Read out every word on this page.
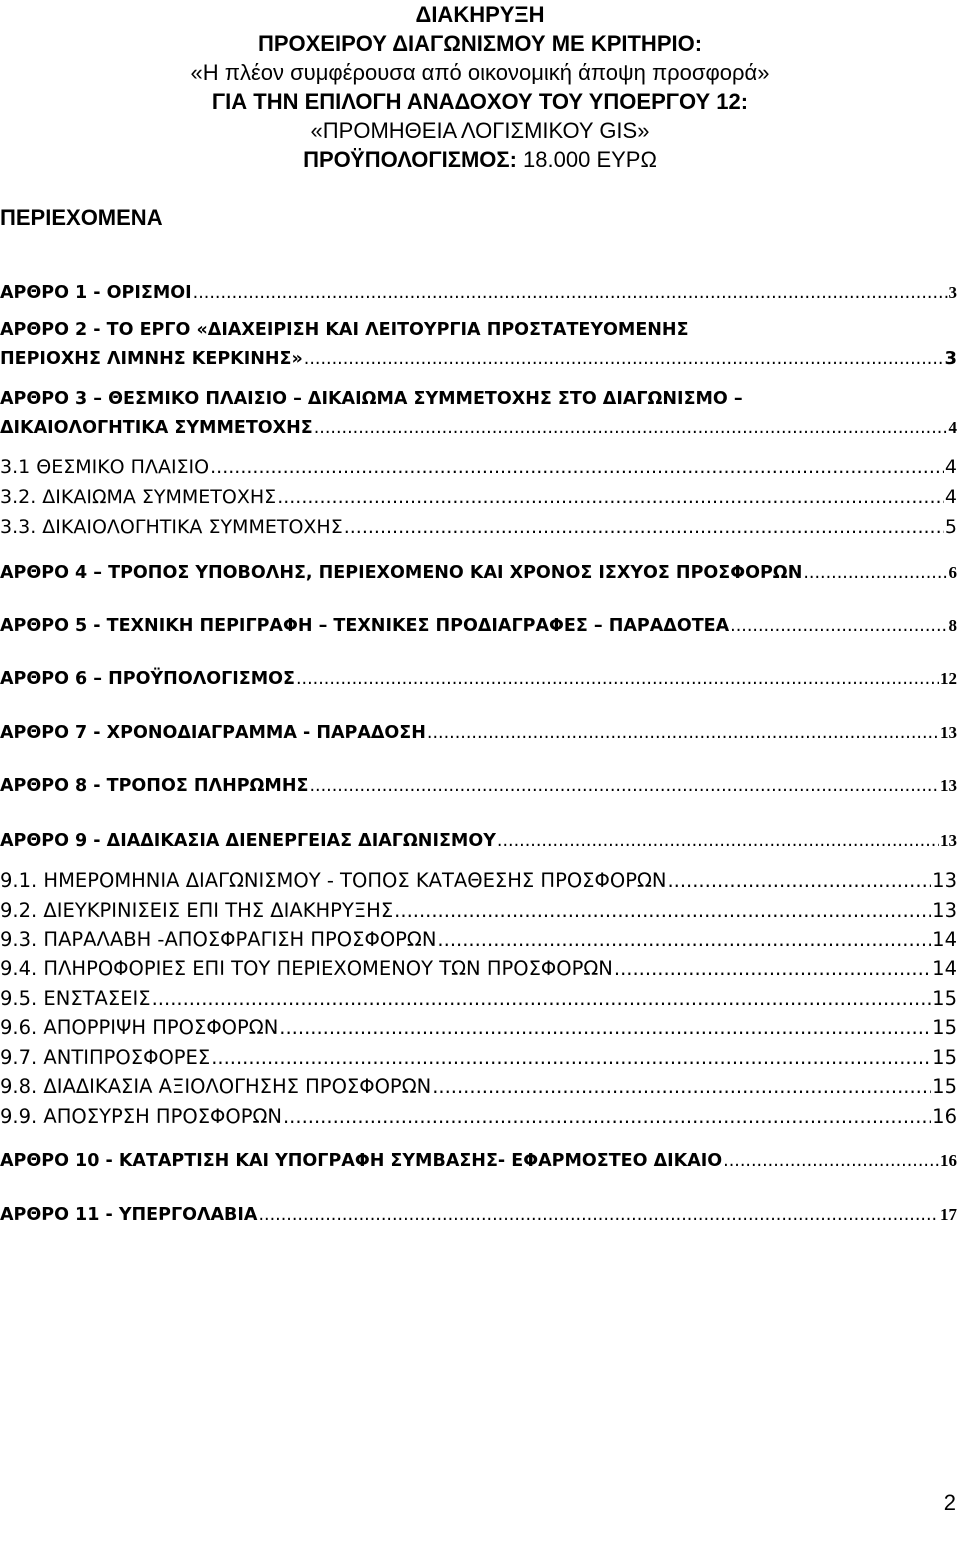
ΔΙΑΚΗΡΥΞΗ
ΠΡΟΧΕΙΡΟΥ ΔΙΑΓΩΝΙΣΜΟΥ ΜΕ ΚΡΙΤΗΡΙΟ:
«Η πλέον συμφέρουσα από οικονομική άποψη προσφορά»
ΓΙΑ ΤΗΝ ΕΠΙΛΟΓΗ ΑΝΑΔΟΧΟΥ ΤΟΥ ΥΠΟΕΡΓΟΥ 12:
«ΠΡΟΜΗΘΕΙΑ ΛΟΓΙΣΜΙΚΟΥ GIS»
ΠΡΟΫΠΟΛΟΓΙΣΜΟΣ: 18.000 ΕΥΡΩ
ΠΕΡΙΕΧΟΜΕΝΑ
ΑΡΘΡΟ 1 - ΟΡΙΣΜΟΙ .....	3
ΑΡΘΡΟ 2 - ΤΟ ΕΡΓΟ «ΔΙΑΧΕΙΡΙΣΗ ΚΑΙ ΛΕΙΤΟΥΡΓΙΑ ΠΡΟΣΤΑΤΕΥΟΜΕΝΗΣ
ΠΕΡΙΟΧΗΣ ΛΙΜΝΗΣ ΚΕΡΚΙΝΗΣ» .....	3
ΑΡΘΡΟ 3 – ΘΕΣΜΙΚΟ ΠΛΑΙΣΙΟ – ΔΙΚΑΙΩΜΑ ΣΥΜΜΕΤΟΧΗΣ ΣΤΟ ΔΙΑΓΩΝΙΣΜΟ –
ΔΙΚΑΙΟΛΟΓΗΤΙΚΑ ΣΥΜΜΕΤΟΧΗΣ .....	4
3.1 ΘΕΣΜΙΚΟ ΠΛΑΙΣΙΟ .....	4
3.2. ΔΙΚΑΙΩΜΑ ΣΥΜΜΕΤΟΧΗΣ .....	4
3.3. ΔΙΚΑΙΟΛΟΓΗΤΙΚΑ ΣΥΜΜΕΤΟΧΗΣ .....	5
ΑΡΘΡΟ 4 – ΤΡΟΠΟΣ ΥΠΟΒΟΛΗΣ, ΠΕΡΙΕΧΟΜΕΝΟ ΚΑΙ ΧΡΟΝΟΣ ΙΣΧΥΟΣ ΠΡΟΣΦΟΡΩΝ .....	6
ΑΡΘΡΟ 5 - ΤΕΧΝΙΚΗ ΠΕΡΙΓΡΑΦΗ – ΤΕΧΝΙΚΕΣ ΠΡΟΔΙΑΓΡΑΦΕΣ – ΠΑΡΑΔΟΤΕΑ .....	8
ΑΡΘΡΟ 6 – ΠΡΟΫΠΟΛΟΓΙΣΜΟΣ .....	12
ΑΡΘΡΟ 7 - ΧΡΟΝΟΔΙΑΓΡΑΜΜΑ - ΠΑΡΑΔΟΣΗ .....	13
ΑΡΘΡΟ 8 - ΤΡΟΠΟΣ ΠΛΗΡΩΜΗΣ .....	13
ΑΡΘΡΟ 9 - ΔΙΑΔΙΚΑΣΙΑ ΔΙΕΝΕΡΓΕΙΑΣ ΔΙΑΓΩΝΙΣΜΟΥ .....	13
9.1. ΗΜΕΡΟΜΗΝΙΑ ΔΙΑΓΩΝΙΣΜΟΥ - ΤΟΠΟΣ ΚΑΤΑΘΕΣΗΣ ΠΡΟΣΦΟΡΩΝ .....	13
9.2. ΔΙΕΥΚΡΙΝΙΣΕΙΣ ΕΠΙ ΤΗΣ ΔΙΑΚΗΡΥΞΗΣ .....	13
9.3. ΠΑΡΑΛΑΒΗ -ΑΠΟΣΦΡΑΓΙΣΗ ΠΡΟΣΦΟΡΩΝ .....	14
9.4. ΠΛΗΡΟΦΟΡΙΕΣ ΕΠΙ ΤΟΥ ΠΕΡΙΕΧΟΜΕΝΟΥ ΤΩΝ ΠΡΟΣΦΟΡΩΝ .....	14
9.5. ΕΝΣΤΑΣΕΙΣ .....	15
9.6. ΑΠΟΡΡΙΨΗ ΠΡΟΣΦΟΡΩΝ .....	15
9.7. ΑΝΤΙΠΡΟΣΦΟΡΕΣ .....	15
9.8. ΔΙΑΔΙΚΑΣΙΑ ΑΞΙΟΛΟΓΗΣΗΣ ΠΡΟΣΦΟΡΩΝ .....	15
9.9. ΑΠΟΣΥΡΣΗ ΠΡΟΣΦΟΡΩΝ .....	16
ΑΡΘΡΟ 10 - ΚΑΤΑΡΤΙΣΗ ΚΑΙ ΥΠΟΓΡΑΦΗ ΣΥΜΒΑΣΗΣ- ΕΦΑΡΜΟΣΤΕΟ ΔΙΚΑΙΟ .....	16
ΑΡΘΡΟ 11 - ΥΠΕΡΓΟΛΑΒΙΑ .....	17
2
